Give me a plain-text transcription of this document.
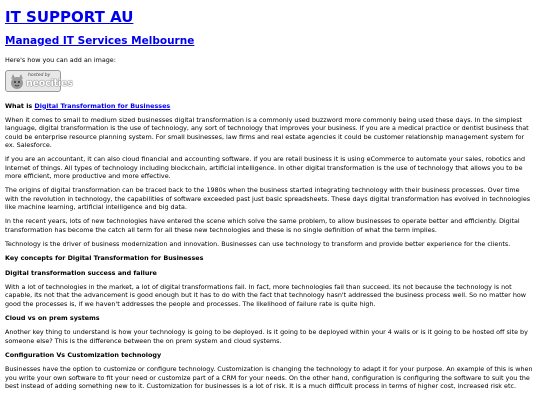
IT SUPPORT AU
Managed IT Services Melbourne

Here's how you can add an image:

hosted by
neocities

What is Digital Transformation for Businesses

When it comes to small to medium sized businesses digital transformation is a commonly used buzzword more commonly being used these days. In the simplest language, digital transformation is the use of technology, any sort of technology that improves your business. If you are a medical practice or dentist business that could be enterprise resource planning system. For small businesses, law firms and real estate agencies it could be customer relationship management system for ex. Salesforce.

If you are an accountant, it can also cloud financial and accounting software. if you are retail business it is using eCommerce to automate your sales, robotics and Internet of things. All types of technology including blockchain, artificial intelligence. In other digital transformation is the use of technology that allows you to be more efficient, more productive and more effective.

The origins of digital transformation can be traced back to the 1980s when the business started integrating technology with their business processes. Over time with the revolution in technology, the capabilities of software exceeded past just basic spreadsheets. These days digital transformation has evolved in technologies like machine learning, artificial intelligence and big data.

In the recent years, lots of new technologies have entered the scene which solve the same problem, to allow businesses to operate better and efficiently. Digital transformation has become the catch all term for all these new technologies and these is no single definition of what the term implies.

Technology is the driver of business modernization and innovation. Businesses can use technology to transform and provide better experience for the clients.

Key concepts for Digital Transformation for Businesses

Digital transformation success and failure

With a lot of technologies in the market, a lot of digital transformations fail. In fact, more technologies fail than succeed. Its not because the technology is not capable, its not that the advancement is good enough but it has to do with the fact that technology hasn't addressed the business process well. So no matter how good the processes is, if we haven't addresses the people and processes. The likelihood of failure rate is quite high.

Cloud vs on prem systems

Another key thing to understand is how your technology is going to be deployed. Is it going to be deployed within your 4 walls or is it going to be hosted off site by someone else? This is the difference between the on prem system and cloud systems.

Configuration Vs Customization technology

Businesses have the option to customize or configure technology. Customization is changing the technology to adapt it for your purpose. An example of this is when you write your own software to fit your need or customize part of a CRM for your needs. On the other hand, configuration is configuring the software to suit you the best instead of adding something new to it. Customization for businesses is a lot of risk. It is a much difficult process in terms of higher cost, increased risk etc.
